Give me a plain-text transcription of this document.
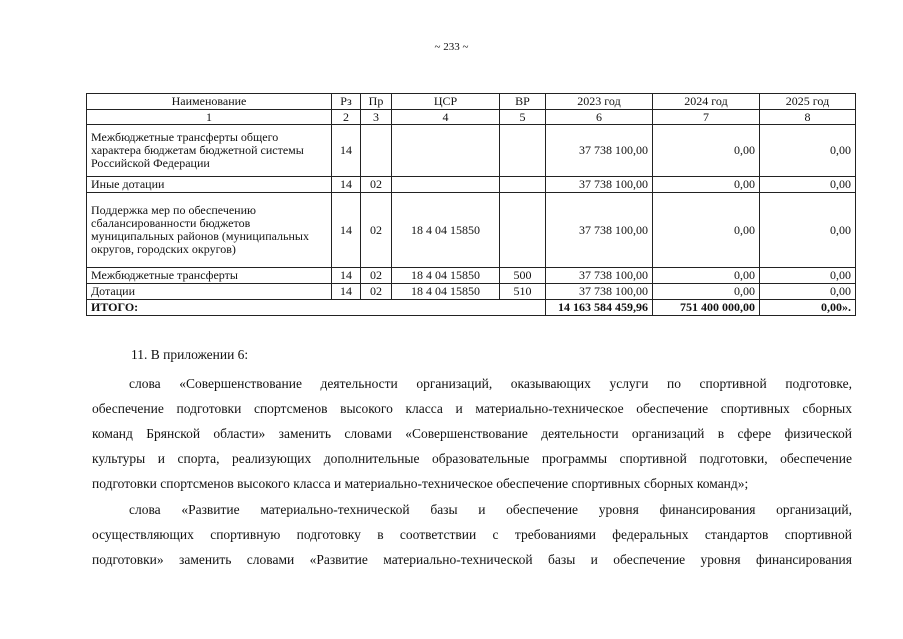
~ 233 ~
Наименование	Рз	Пр	ЦСР	ВР	2023 год	2024 год	2025 год
1	2	3	4	5	6	7	8
Межбюджетные трансферты общего характера бюджетам бюджетной системы Российской Федерации	14				37 738 100,00	0,00	0,00
Иные дотации	14	02			37 738 100,00	0,00	0,00
Поддержка мер по обеспечению сбалансированности бюджетов муниципальных районов (муниципальных округов, городских округов)	14	02	18 4 04 15850		37 738 100,00	0,00	0,00
Межбюджетные трансферты	14	02	18 4 04 15850	500	37 738 100,00	0,00	0,00
Дотации	14	02	18 4 04 15850	510	37 738 100,00	0,00	0,00
ИТОГО:					14 163 584 459,96	751 400 000,00	0,00».

11. В приложении 6:

слова «Совершенствование деятельности организаций, оказывающих услуги по спортивной подготовке,

обеспечение подготовки спортсменов высокого класса и материально-техническое обеспечение спортивных сборных

команд Брянской области» заменить словами «Совершенствование деятельности организаций в сфере физической

культуры и спорта, реализующих дополнительные образовательные программы спортивной подготовки, обеспечение

подготовки спортсменов высокого класса и материально-техническое обеспечение спортивных сборных команд»;

слова «Развитие материально-технической базы и обеспечение уровня финансирования организаций,

осуществляющих спортивную подготовку в соответствии с требованиями федеральных стандартов спортивной

подготовки» заменить словами «Развитие материально-технической базы и обеспечение уровня финансирования
